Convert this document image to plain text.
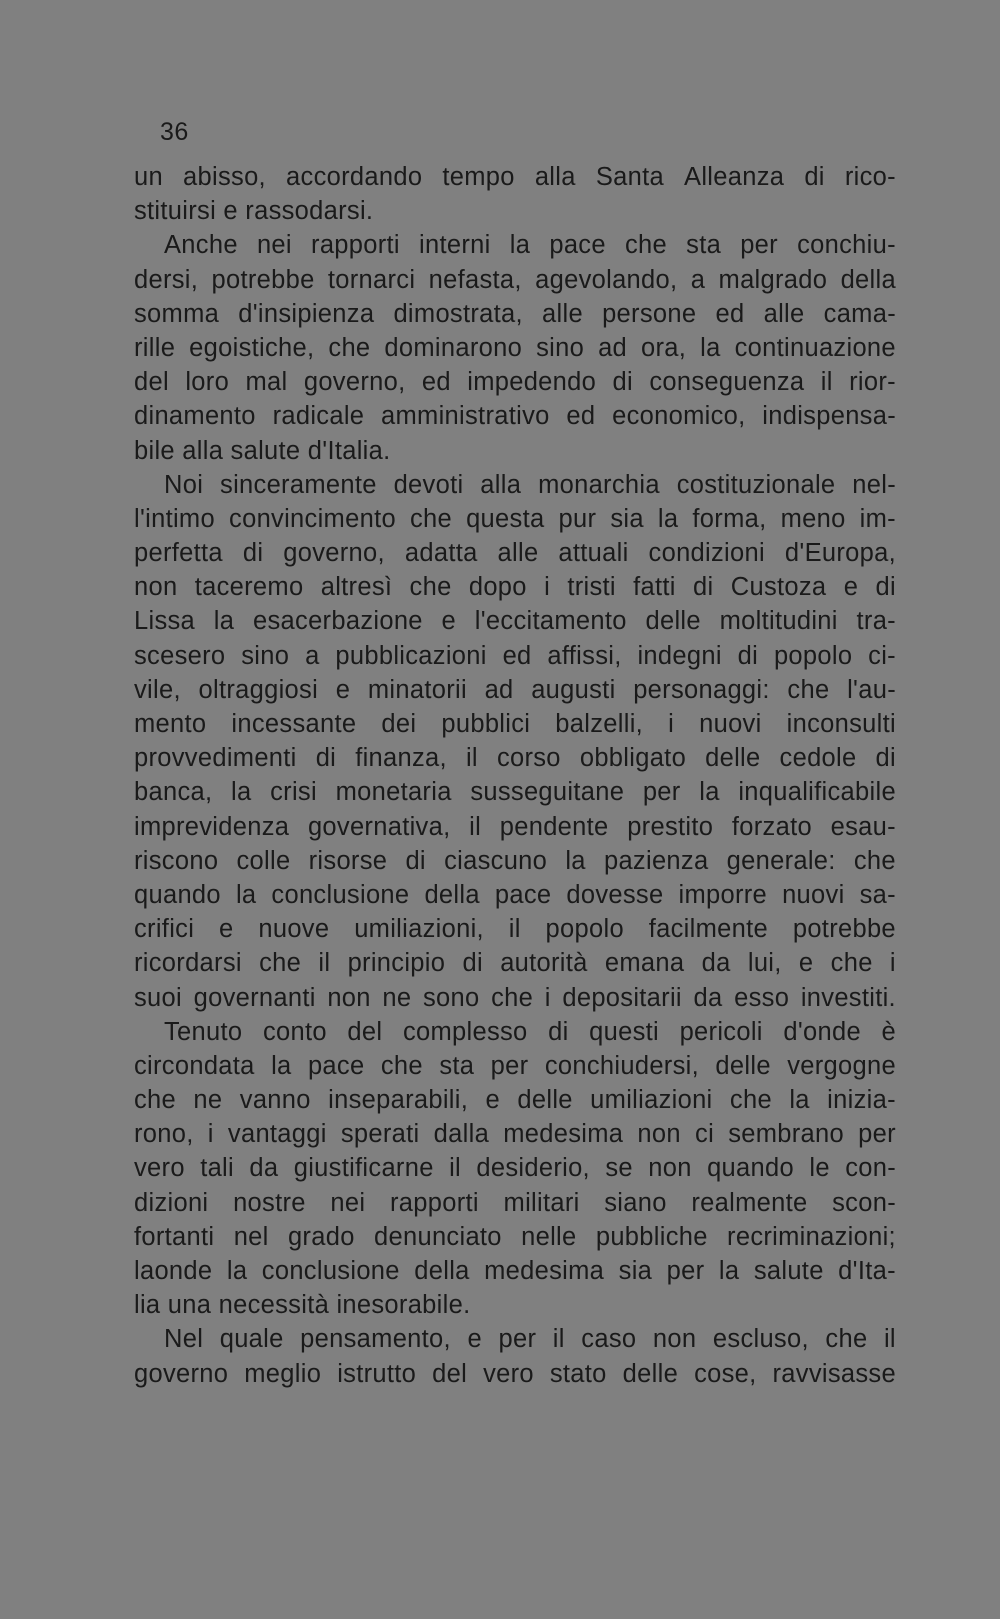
36
un abisso, accordando tempo alla Santa Alleanza di rico-
stituirsi e rassodarsi.
Anche nei rapporti interni la pace che sta per conchiu-
dersi, potrebbe tornarci nefasta, agevolando, a malgrado della
somma d'insipienza dimostrata, alle persone ed alle cama-
rille egoistiche, che dominarono sino ad ora, la continuazione
del loro mal governo, ed impedendo di conseguenza il rior-
dinamento radicale amministrativo ed economico, indispensa-
bile alla salute d'Italia.
Noi sinceramente devoti alla monarchia costituzionale nel-
l'intimo convincimento che questa pur sia la forma, meno im-
perfetta di governo, adatta alle attuali condizioni d'Europa,
non taceremo altresì che dopo i tristi fatti di Custoza e di
Lissa la esacerbazione e l'eccitamento delle moltitudini tra-
scesero sino a pubblicazioni ed affissi, indegni di popolo ci-
vile, oltraggiosi e minatorii ad augusti personaggi: che l'au-
mento incessante dei pubblici balzelli, i nuovi inconsulti
provvedimenti di finanza, il corso obbligato delle cedole di
banca, la crisi monetaria susseguitane per la inqualificabile
imprevidenza governativa, il pendente prestito forzato esau-
riscono colle risorse di ciascuno la pazienza generale: che
quando la conclusione della pace dovesse imporre nuovi sa-
crifici e nuove umiliazioni, il popolo facilmente potrebbe
ricordarsi che il principio di autorità emana da lui, e che i
suoi governanti non ne sono che i depositarii da esso investiti.
Tenuto conto del complesso di questi pericoli d'onde è
circondata la pace che sta per conchiudersi, delle vergogne
che ne vanno inseparabili, e delle umiliazioni che la inizia-
rono, i vantaggi sperati dalla medesima non ci sembrano per
vero tali da giustificarne il desiderio, se non quando le con-
dizioni nostre nei rapporti militari siano realmente scon-
fortanti nel grado denunciato nelle pubbliche recriminazioni;
laonde la conclusione della medesima sia per la salute d'Ita-
lia una necessità inesorabile.
Nel quale pensamento, e per il caso non escluso, che il
governo meglio istrutto del vero stato delle cose, ravvisasse
